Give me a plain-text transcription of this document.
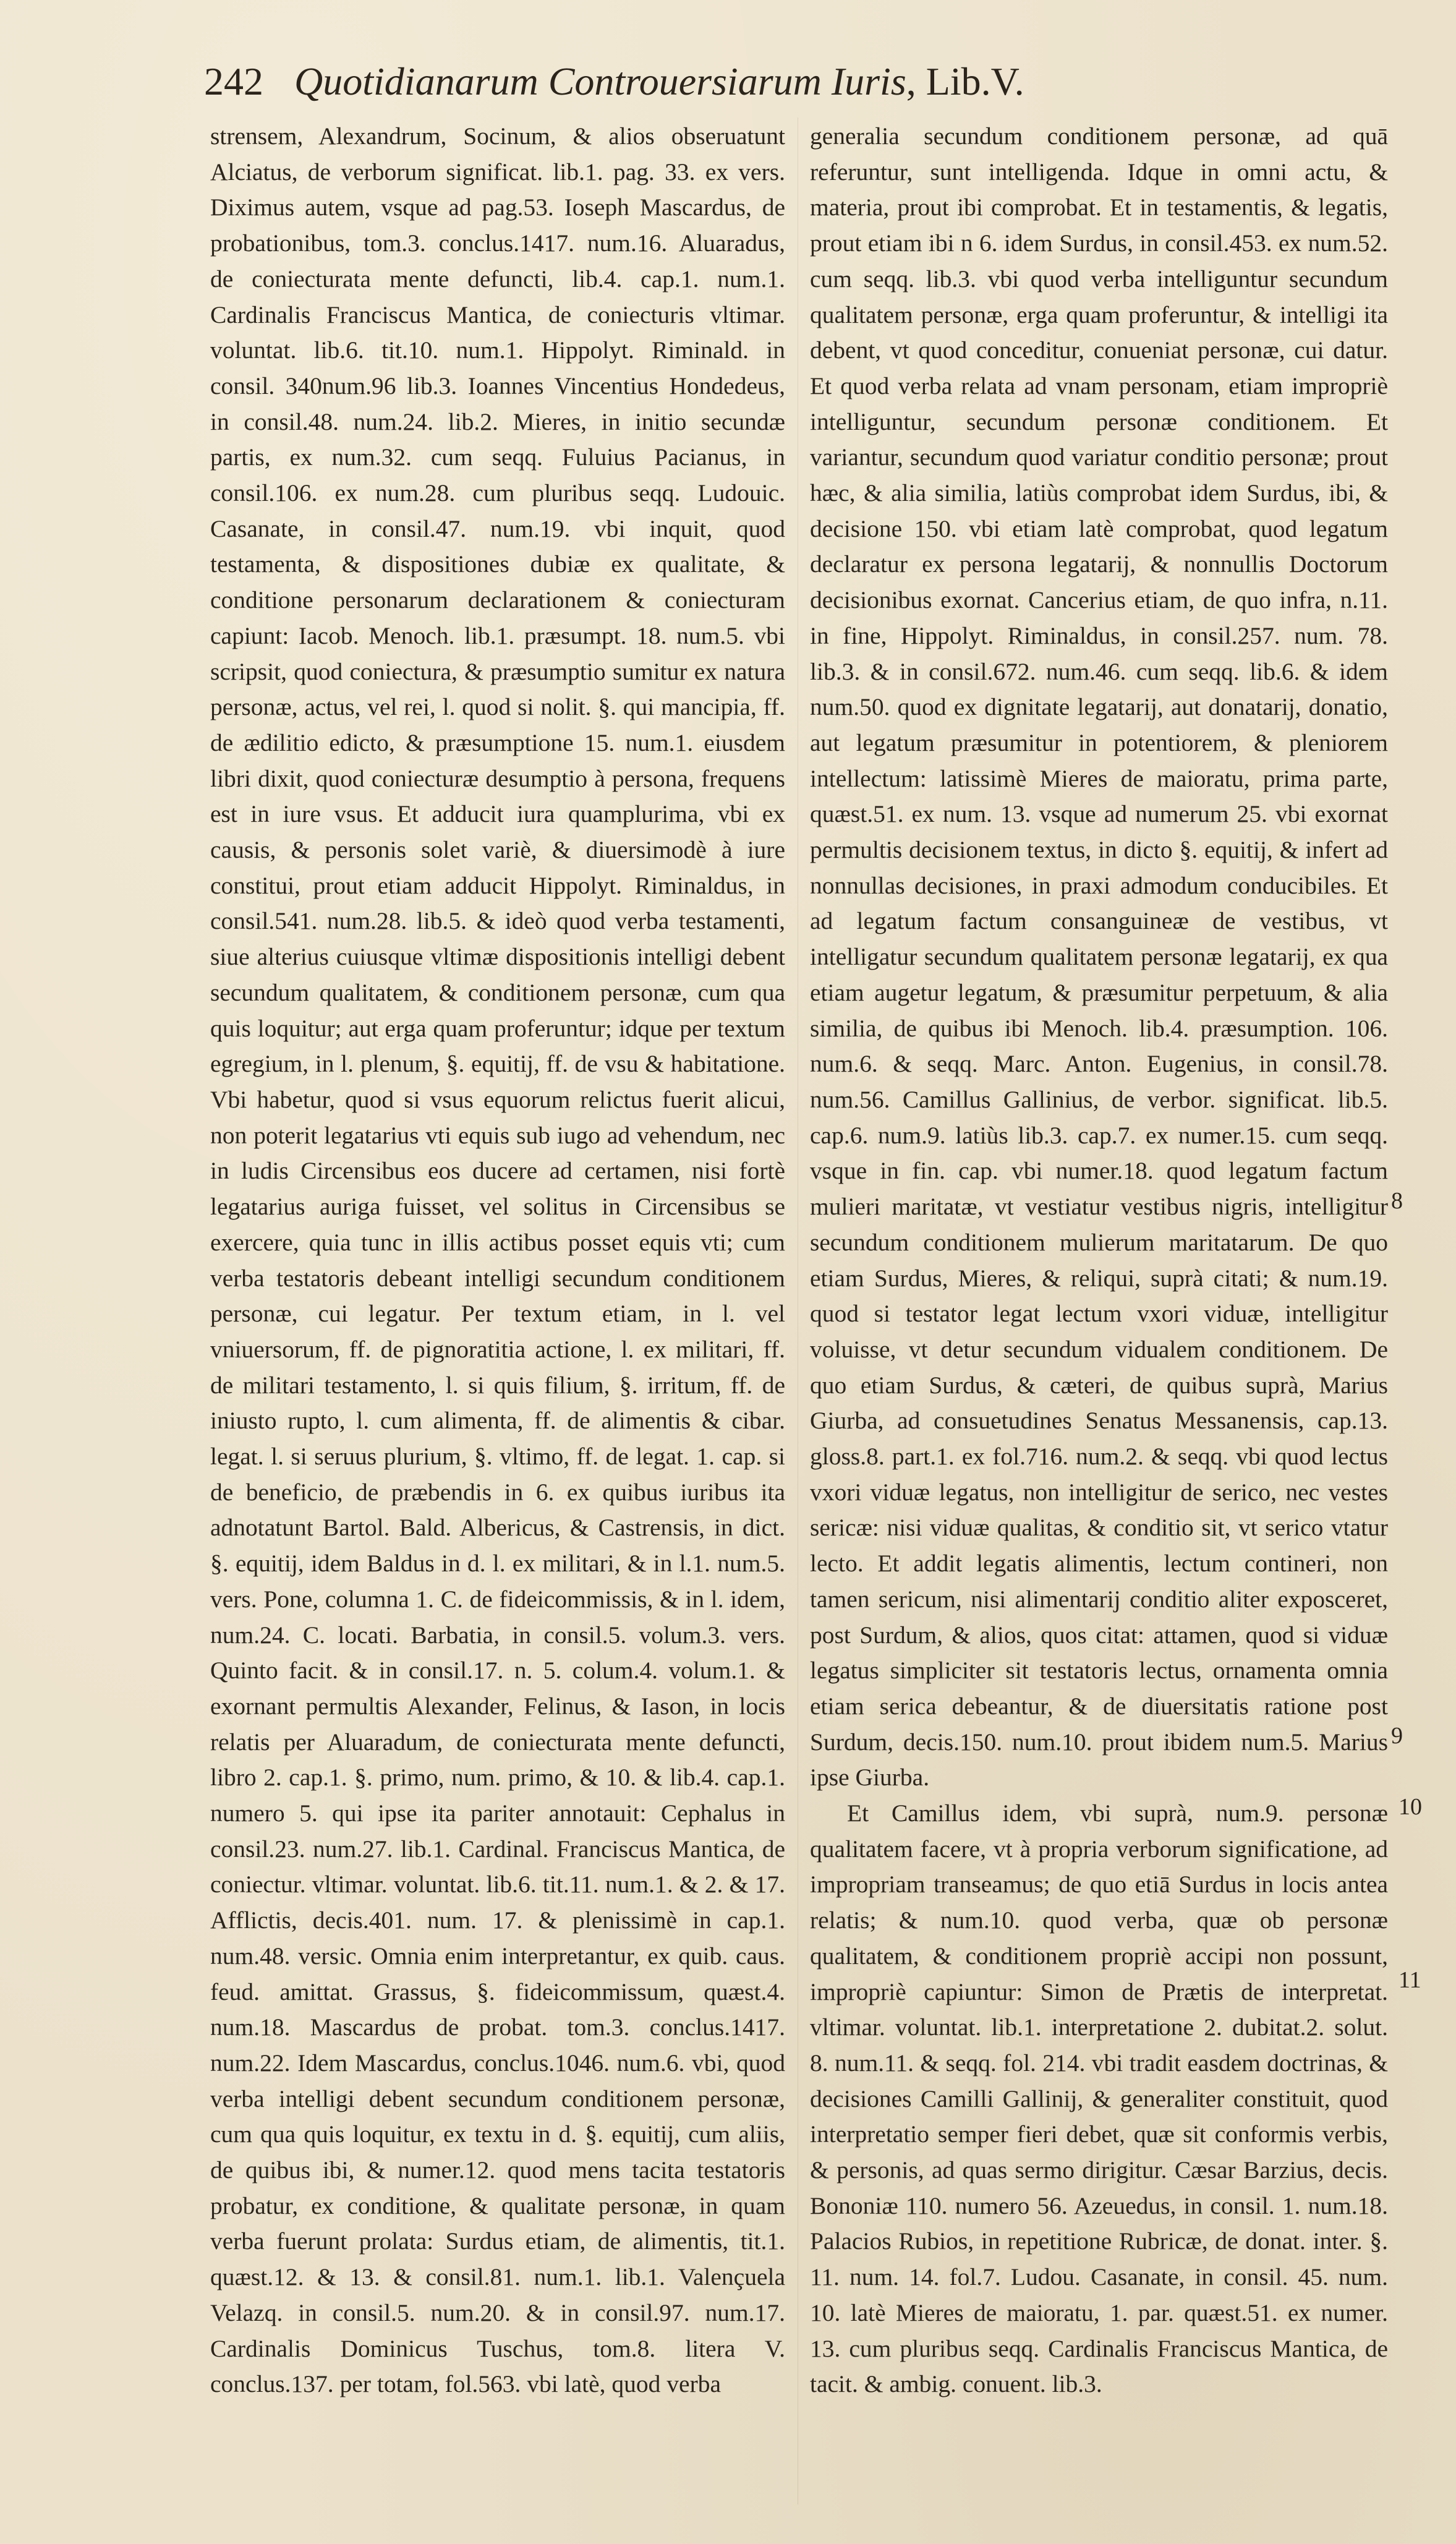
242 Quotidianarum Controuersiarum Iuris, Lib.V.

strensem, Alexandrum, Socinum, & alios obseruatunt Alciatus, de verborum significat. lib.1. pag. 33. ex vers. Diximus autem, vsque ad pag.53. Ioseph Mascardus, de probationibus, tom.3. conclus.1417. num.16. Aluaradus, de coniecturata mente defuncti, lib.4. cap.1. num.1. Cardinalis Franciscus Mantica, de coniecturis vltimar. voluntat. lib.6. tit.10. num.1. Hippolyt. Riminald. in consil. 340num.96 lib.3. Ioannes Vincentius Hondedeus, in consil.48. num.24. lib.2. Mieres, in initio secundæ partis, ex num.32. cum seqq. Fuluius Pacianus, in consil.106. ex num.28. cum pluribus seqq. Ludouic. Casanate, in consil.47. num.19. vbi inquit, quod testamenta, & dispositiones dubiæ ex qualitate, & conditione personarum declarationem & coniecturam capiunt: Iacob. Menoch. lib.1. præsumpt. 18. num.5. vbi scripsit, quod coniectura, & præsumptio sumitur ex natura personæ, actus, vel rei, l. quod si nolit. §. qui mancipia, ff. de ædilitio edicto, & præsumptione 15. num.1. eiusdem libri dixit, quod coniecturæ desumptio à persona, frequens est in iure vsus. Et adducit iura quamplurima, vbi ex causis, & personis solet variè, & diuersimodè à iure constitui, prout etiam adducit Hippolyt. Riminaldus, in consil.541. num.28. lib.5. & ideò quod verba testamenti, siue alterius cuiusque vltimæ dispositionis intelligi debent secundum qualitatem, & conditionem personæ, cum qua quis loquitur; aut erga quam proferuntur; idque per textum egregium, in l. plenum, §. equitij, ff. de vsu & habitatione. Vbi habetur, quod si vsus equorum relictus fuerit alicui, non poterit legatarius vti equis sub iugo ad vehendum, nec in ludis Circensibus eos ducere ad certamen, nisi fortè legatarius auriga fuisset, vel solitus in Circensibus se exercere, quia tunc in illis actibus posset equis vti; cum verba testatoris debeant intelligi secundum conditionem personæ, cui legatur. Per textum etiam, in l. vel vniuersorum, ff. de pignoratitia actione, l. ex militari, ff. de militari testamento, l. si quis filium, §. irritum, ff. de iniusto rupto, l. cum alimenta, ff. de alimentis & cibar. legat. l. si seruus plurium, §. vltimo, ff. de legat. 1. cap. si de beneficio, de præbendis in 6. ex quibus iuribus ita adnotatunt Bartol. Bald. Albericus, & Castrensis, in dict. §. equitij, idem Baldus in d. l. ex militari, & in l.1. num.5. vers. Pone, columna 1. C. de fideicommissis, & in l. idem, num.24. C. locati. Barbatia, in consil.5. volum.3. vers. Quinto facit. & in consil.17. n. 5. colum.4. volum.1. & exornant permultis Alexander, Felinus, & Iason, in locis relatis per Aluaradum, de coniecturata mente defuncti, libro 2. cap.1. §. primo, num. primo, & 10. & lib.4. cap.1. numero 5. qui ipse ita pariter annotauit: Cephalus in consil.23. num.27. lib.1. Cardinal. Franciscus Mantica, de coniectur. vltimar. voluntat. lib.6. tit.11. num.1. & 2. & 17. Afflictis, decis.401. num. 17. & plenissimè in cap.1. num.48. versic. Omnia enim interpretantur, ex quib. caus. feud. amittat. Grassus, §. fideicommissum, quæst.4. num.18. Mascardus de probat. tom.3. conclus.1417. num.22. Idem Mascardus, conclus.1046. num.6. vbi, quod verba intelligi debent secundum conditionem personæ, cum qua quis loquitur, ex textu in d. §. equitij, cum aliis, de quibus ibi, & numer.12. quod mens tacita testatoris probatur, ex conditione, & qualitate personæ, in quam verba fuerunt prolata: Surdus etiam, de alimentis, tit.1. quæst.12. & 13. & consil.81. num.1. lib.1. Valençuela Velazq. in consil.5. num.20. & in consil.97. num.17. Cardinalis Dominicus Tuschus, tom.8. litera V. conclus.137. per totam, fol.563. vbi latè, quod verba

generalia secundum conditionem personæ, ad quā referuntur, sunt intelligenda. Idque in omni actu, & materia, prout ibi comprobat. Et in testamentis, & legatis, prout etiam ibi n 6. idem Surdus, in consil.453. ex num.52. cum seqq. lib.3. vbi quod verba intelliguntur secundum qualitatem personæ, erga quam proferuntur, & intelligi ita debent, vt quod conceditur, conueniat personæ, cui datur. Et quod verba relata ad vnam personam, etiam impropriè intelliguntur, secundum personæ conditionem. Et variantur, secundum quod variatur conditio personæ; prout hæc, & alia similia, latiùs comprobat idem Surdus, ibi, & decisione 150. vbi etiam latè comprobat, quod legatum declaratur ex persona legatarij, & nonnullis Doctorum decisionibus exornat. Cancerius etiam, de quo infra, n.11. in fine, Hippolyt. Riminaldus, in consil.257. num. 78. lib.3. & in consil.672. num.46. cum seqq. lib.6. & idem num.50. quod ex dignitate legatarij, aut donatarij, donatio, aut legatum præsumitur in potentiorem, & pleniorem intellectum: latissimè Mieres de maioratu, prima parte, quæst.51. ex num. 13. vsque ad numerum 25. vbi exornat permultis decisionem textus, in dicto §. equitij, & infert ad nonnullas decisiones, in praxi admodum conducibiles. Et ad legatum factum consanguineæ de vestibus, vt intelligatur secundum qualitatem personæ legatarij, ex qua etiam augetur legatum, & præsumitur perpetuum, & alia similia, de quibus ibi Menoch. lib.4. præsumption. 106. num.6. & seqq. Marc. Anton. Eugenius, in consil.78. num.56. Camillus Gallinius, de verbor. significat. lib.5. cap.6. num.9. latiùs lib.3. cap.7. ex numer.15. cum seqq. vsque in fin. cap. vbi numer.18. quod legatum factum mulieri maritatæ, vt vestiatur vestibus nigris, intelligitur secundum conditionem mulierum maritatarum. De quo etiam Surdus, Mieres, & reliqui, suprà citati; & num.19. quod si testator legat lectum vxori viduæ, intelligitur voluisse, vt detur secundum vidualem conditionem. De quo etiam Surdus, & cæteri, de quibus suprà, Marius Giurba, ad consuetudines Senatus Messanensis, cap.13. gloss.8. part.1. ex fol.716. num.2. & seqq. vbi quod lectus vxori viduæ legatus, non intelligitur de serico, nec vestes sericæ: nisi viduæ qualitas, & conditio sit, vt serico vtatur lecto. Et addit legatis alimentis, lectum contineri, non tamen sericum, nisi alimentarij conditio aliter exposceret, post Surdum, & alios, quos citat: attamen, quod si viduæ legatus simpliciter sit testatoris lectus, ornamenta omnia etiam serica debeantur, & de diuersitatis ratione post Surdum, decis.150. num.10. prout ibidem num.5. Marius ipse Giurba.

Et Camillus idem, vbi suprà, num.9. personæ qualitatem facere, vt à propria verborum significatione, ad impropriam transeamus; de quo etiā Surdus in locis antea relatis; & num.10. quod verba, quæ ob personæ qualitatem, & conditionem propriè accipi non possunt, impropriè capiuntur: Simon de Prætis de interpretat. vltimar. voluntat. lib.1. interpretatione 2. dubitat.2. solut. 8. num.11. & seqq. fol. 214. vbi tradit easdem doctrinas, & decisiones Camilli Gallinij, & generaliter constituit, quod interpretatio semper fieri debet, quæ sit conformis verbis, & personis, ad quas sermo dirigitur. Cæsar Barzius, decis. Bononiæ 110. numero 56. Azeuedus, in consil. 1. num.18. Palacios Rubios, in repetitione Rubricæ, de donat. inter. §. 11. num. 14. fol.7. Ludou. Casanate, in consil. 45. num. 10. latè Mieres de maioratu, 1. par. quæst.51. ex numer. 13. cum pluribus seqq. Cardinalis Franciscus Mantica, de tacit. & ambig. conuent. lib.3.

8
9
10
11
